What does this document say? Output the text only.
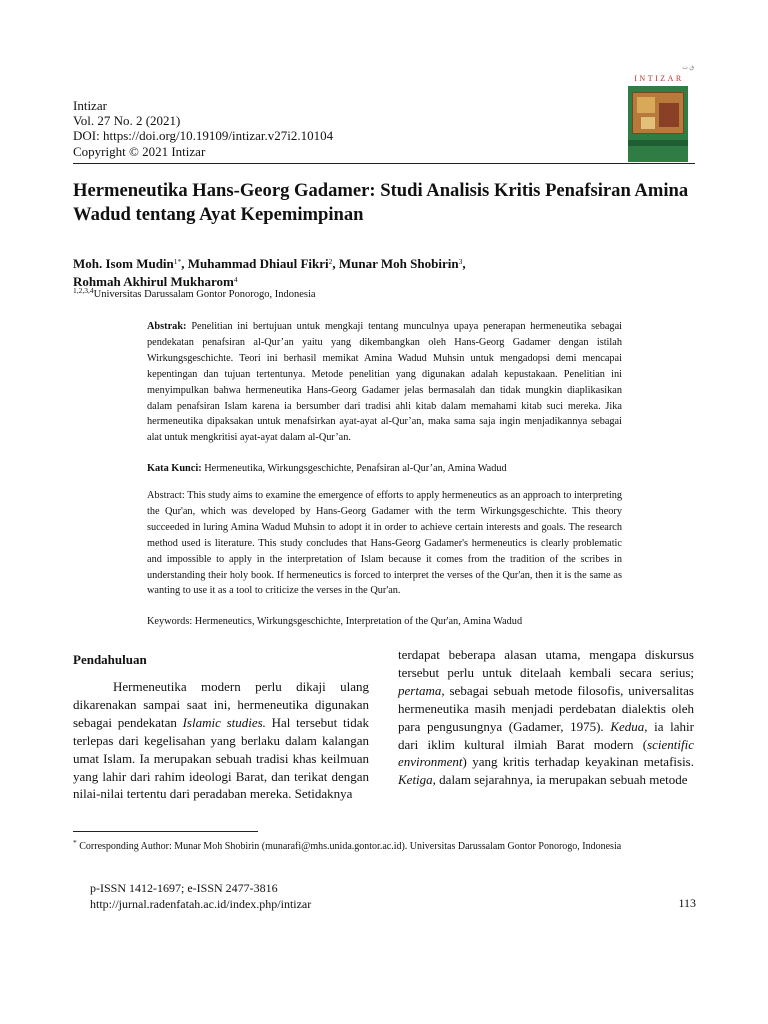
Intizar
Vol. 27 No. 2 (2021)
DOI: https://doi.org/10.19109/intizar.v27i2.10104
Copyright © 2021 Intizar
ق ت
INTIZAR
Hermeneutika Hans-Georg Gadamer: Studi Analisis Kritis Penafsiran Amina Wadud tentang Ayat Kepemimpinan
Moh. Isom Mudin$^{1*}$, Muhammad Dhiaul Fikri$^2$, Munar Moh Shobirin$^3$,
Rohmah Akhirul Mukharom$^4$
$^{1,2,3,4}$Universitas Darussalam Gontor Ponorogo, Indonesia
Abstrak: Penelitian ini bertujuan untuk mengkaji tentang munculnya upaya penerapan hermeneutika sebagai pendekatan penafsiran al-Qur’an yaitu yang dikembangkan oleh Hans-Georg Gadamer dengan istilah Wirkungsgeschichte. Teori ini berhasil memikat Amina Wadud Muhsin untuk mengadopsi demi mencapai kepentingan dan tujuan tertentunya. Metode penelitian yang digunakan adalah kepustakaan. Penelitian ini menyimpulkan bahwa hermeneutika Hans-Georg Gadamer jelas bermasalah dan tidak mungkin diaplikasikan dalam penafsiran Islam karena ia bersumber dari tradisi ahli kitab dalam memahami kitab suci mereka. Jika hermeneutika dipaksakan untuk menafsirkan ayat-ayat al-Qur’an, maka sama saja ingin menjadikannya sebagai alat untuk mengkritisi ayat-ayat dalam al-Qur’an.
Kata Kunci: Hermeneutika, Wirkungsgeschichte, Penafsiran al-Qur’an, Amina Wadud
Abstract: This study aims to examine the emergence of efforts to apply hermeneutics as an approach to interpreting the Qur'an, which was developed by Hans-Georg Gadamer with the term Wirkungsgeschichte. This theory succeeded in luring Amina Wadud Muhsin to adopt it in order to achieve certain interests and goals. The research method used is literature. This study concludes that Hans-Georg Gadamer's hermeneutics is clearly problematic and impossible to apply in the interpretation of Islam because it comes from the tradition of the scribes in understanding their holy book. If hermeneutics is forced to interpret the verses of the Qur'an, then it is the same as wanting to use it as a tool to criticize the verses in the Qur'an.
Keywords: Hermeneutics, Wirkungsgeschichte, Interpretation of the Qur'an, Amina Wadud
Pendahuluan
Hermeneutika modern perlu dikaji ulang dikarenakan sampai saat ini, hermeneutika digunakan sebagai pendekatan Islamic studies. Hal tersebut tidak terlepas dari kegelisahan yang berlaku dalam kalangan umat Islam. Ia merupakan sebuah tradisi khas keilmuan yang lahir dari rahim ideologi Barat, dan terikat dengan nilai-nilai tertentu dari peradaban mereka. Setidaknya
terdapat beberapa alasan utama, mengapa diskursus tersebut perlu untuk ditelaah kembali secara serius; pertama, sebagai sebuah metode filosofis, universalitas hermeneutika masih menjadi perdebatan dialektis oleh para pengusungnya (Gadamer, 1975). Kedua, ia lahir dari iklim kultural ilmiah Barat modern (scientific environment) yang kritis terhadap keyakinan metafisis. Ketiga, dalam sejarahnya, ia merupakan sebuah metode
* Corresponding Author: Munar Moh Shobirin (munarafi@mhs.unida.gontor.ac.id). Universitas Darussalam Gontor Ponorogo, Indonesia
p-ISSN 1412-1697; e-ISSN 2477-3816
http://jurnal.radenfatah.ac.id/index.php/intizar	113
